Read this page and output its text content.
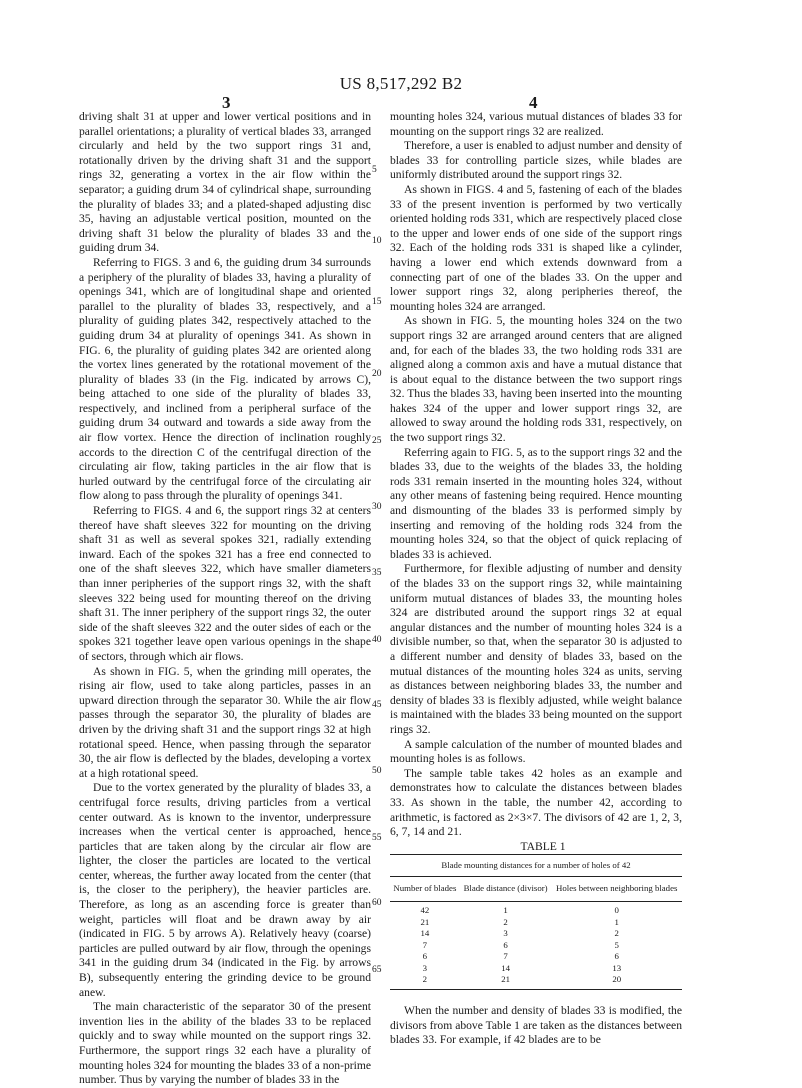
US 8,517,292 B2
3	4

driving shalt 31 at upper and lower vertical positions and in parallel orientations; a plurality of vertical blades 33, arranged circularly and held by the two support rings 31 and, rotationally driven by the driving shaft 31 and the support rings 32, generating a vortex in the air flow within the separator; a guiding drum 34 of cylindrical shape, surrounding the plurality of blades 33; and a plated-shaped adjusting disc 35, having an adjustable vertical position, mounted on the driving shaft 31 below the plurality of blades 33 and the guiding drum 34.

Referring to FIGS. 3 and 6, the guiding drum 34 surrounds a periphery of the plurality of blades 33, having a plurality of openings 341, which are of longitudinal shape and oriented parallel to the plurality of blades 33, respectively, and a plurality of guiding plates 342, respectively attached to the guiding drum 34 at plurality of openings 341. As shown in FIG. 6, the plurality of guiding plates 342 are oriented along the vortex lines generated by the rotational movement of the plurality of blades 33 (in the Fig. indicated by arrows C), being attached to one side of the plurality of blades 33, respectively, and inclined from a peripheral surface of the guiding drum 34 outward and towards a side away from the air flow vortex. Hence the direction of inclination roughly accords to the direction C of the centrifugal direction of the circulating air flow, taking particles in the air flow that is hurled outward by the centrifugal force of the circulating air flow along to pass through the plurality of openings 341.

Referring to FIGS. 4 and 6, the support rings 32 at centers thereof have shaft sleeves 322 for mounting on the driving shaft 31 as well as several spokes 321, radially extending inward. Each of the spokes 321 has a free end connected to one of the shaft sleeves 322, which have smaller diameters than inner peripheries of the support rings 32, with the shaft sleeves 322 being used for mounting thereof on the driving shaft 31. The inner periphery of the support rings 32, the outer side of the shaft sleeves 322 and the outer sides of each or the spokes 321 together leave open various openings in the shape of sectors, through which air flows.

As shown in FIG. 5, when the grinding mill operates, the rising air flow, used to take along particles, passes in an upward direction through the separator 30. While the air flow passes through the separator 30, the plurality of blades are driven by the driving shaft 31 and the support rings 32 at high rotational speed. Hence, when passing through the separator 30, the air flow is deflected by the blades, developing a vortex at a high rotational speed.

Due to the vortex generated by the plurality of blades 33, a centrifugal force results, driving particles from a vertical center outward. As is known to the inventor, underpressure increases when the vertical center is approached, hence particles that are taken along by the circular air flow are lighter, the closer the particles are located to the vertical center, whereas, the further away located from the center (that is, the closer to the periphery), the heavier particles are. Therefore, as long as an ascending force is greater than weight, particles will float and be drawn away by air (indicated in FIG. 5 by arrows A). Relatively heavy (coarse) particles are pulled outward by air flow, through the openings 341 in the guiding drum 34 (indicated in the Fig. by arrows B), subsequently entering the grinding device to be ground anew.

The main characteristic of the separator 30 of the present invention lies in the ability of the blades 33 to be replaced quickly and to sway while mounted on the support rings 32. Furthermore, the support rings 32 each have a plurality of mounting holes 324 for mounting the blades 33 of a non-prime number. Thus by varying the number of blades 33 in the

5
10
15
20
25
30
35
40
45
50
55
60
65

mounting holes 324, various mutual distances of blades 33 for mounting on the support rings 32 are realized.

Therefore, a user is enabled to adjust number and density of blades 33 for controlling particle sizes, while blades are uniformly distributed around the support rings 32.

As shown in FIGS. 4 and 5, fastening of each of the blades 33 of the present invention is performed by two vertically oriented holding rods 331, which are respectively placed close to the upper and lower ends of one side of the support rings 32. Each of the holding rods 331 is shaped like a cylinder, having a lower end which extends downward from a connecting part of one of the blades 33. On the upper and lower support rings 32, along peripheries thereof, the mounting holes 324 are arranged.

As shown in FIG. 5, the mounting holes 324 on the two support rings 32 are arranged around centers that are aligned and, for each of the blades 33, the two holding rods 331 are aligned along a common axis and have a mutual distance that is about equal to the distance between the two support rings 32. Thus the blades 33, having been inserted into the mounting hakes 324 of the upper and lower support rings 32, are allowed to sway around the holding rods 331, respectively, on the two support rings 32.

Referring again to FIG. 5, as to the support rings 32 and the blades 33, due to the weights of the blades 33, the holding rods 331 remain inserted in the mounting holes 324, without any other means of fastening being required. Hence mounting and dismounting of the blades 33 is performed simply by inserting and removing of the holding rods 324 from the mounting holes 324, so that the object of quick replacing of blades 33 is achieved.

Furthermore, for flexible adjusting of number and density of the blades 33 on the support rings 32, while maintaining uniform mutual distances of blades 33, the mounting holes 324 are distributed around the support rings 32 at equal angular distances and the number of mounting holes 324 is a divisible number, so that, when the separator 30 is adjusted to a different number and density of blades 33, based on the mutual distances of the mounting holes 324 as units, serving as distances between neighboring blades 33, the number and density of blades 33 is flexibly adjusted, while weight balance is maintained with the blades 33 being mounted on the support rings 32.

A sample calculation of the number of mounted blades and mounting holes is as follows.

The sample table takes 42 holes as an example and demonstrates how to calculate the distances between blades 33. As shown in the table, the number 42, according to arithmetic, is factored as 2×3×7. The divisors of 42 are 1, 2, 3, 6, 7, 14 and 21.

TABLE 1

Blade mounting distances for a number of holes of 42
Number of blades	Blade distance (divisor)	Holes between neighboring blades
42	1	0
21	2	1
14	3	2
7	6	5
6	7	6
3	14	13
2	21	20

When the number and density of blades 33 is modified, the divisors from above Table 1 are taken as the distances between blades 33. For example, if 42 blades are to be
